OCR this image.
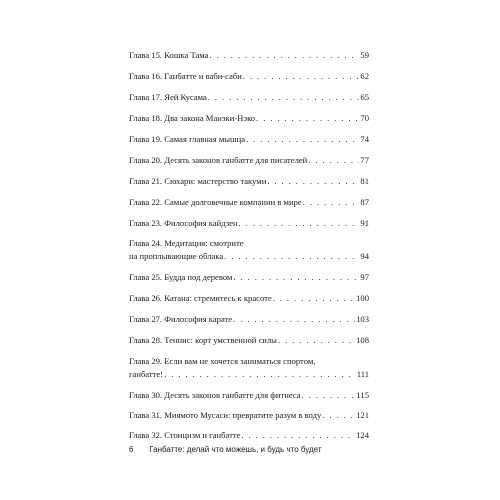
Глава 15. Кошка Тама . . .	59
Глава 16. Ганбатте и ваби-саби . . .	62
Глава 17. Яей Кусама . . .	65
Глава 18. Два закона Манэки-Нэко . . .	70
Глава 19. Самая главная мышца . . .	74
Глава 20. Десять законов ганбатте для писателей . . .	77
Глава 21. Сюхари: мастерство такуми . . .	81
Глава 22. Самые долговечные компании в мире . . .	87
Глава 23. Философия кайдзен . . .	91
Глава 24. Медитация: смотрите
на проплывающие облака . . .	94
Глава 25. Будда под деревом . . .	97
Глава 26. Катана: стремитесь к красоте . . .	100
Глава 27. Философия карате . . .	103
Глава 28. Теннис: корт умственной силы . . .	108
Глава 29. Если вам не хочется заниматься спортом,
ганбатте! . . .	111
Глава 30. Десять законов ганбатте для фитнеса . . .	115
Глава 31. Миямото Мусаси: превратите разум в воду . . .	121
Глава 32. Стоицизм и ганбатте . . .	124
6 Ганбатте: делай что можешь, и будь что будет
